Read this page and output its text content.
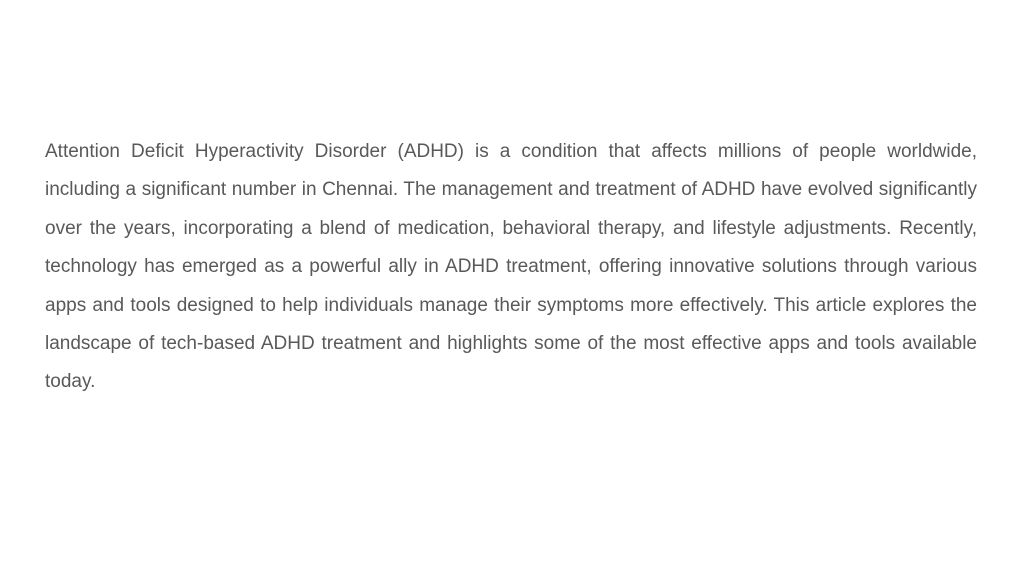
Attention Deficit Hyperactivity Disorder (ADHD) is a condition that affects millions of people worldwide, including a significant number in Chennai. The management and treatment of ADHD have evolved significantly over the years, incorporating a blend of medication, behavioral therapy, and lifestyle adjustments. Recently, technology has emerged as a powerful ally in ADHD treatment, offering innovative solutions through various apps and tools designed to help individuals manage their symptoms more effectively. This article explores the landscape of tech-based ADHD treatment and highlights some of the most effective apps and tools available today.
